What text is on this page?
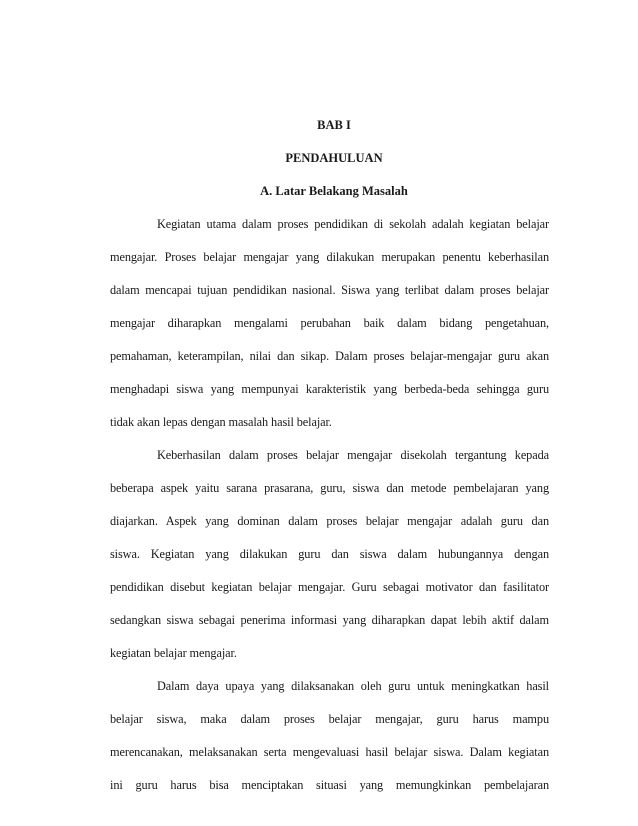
BAB I
PENDAHULUAN
A. Latar Belakang Masalah
Kegiatan utama dalam proses pendidikan di sekolah adalah kegiatan belajar
mengajar. Proses belajar mengajar yang dilakukan merupakan penentu keberhasilan
dalam mencapai tujuan pendidikan nasional. Siswa yang terlibat dalam proses belajar
mengajar diharapkan mengalami perubahan baik dalam bidang pengetahuan,
pemahaman, keterampilan, nilai dan sikap. Dalam proses belajar-mengajar guru akan
menghadapi siswa yang mempunyai karakteristik yang berbeda-beda sehingga guru
tidak akan lepas dengan masalah hasil belajar.
Keberhasilan dalam proses belajar mengajar disekolah tergantung kepada
beberapa aspek yaitu sarana prasarana, guru, siswa dan metode pembelajaran yang
diajarkan. Aspek yang dominan dalam proses belajar mengajar adalah guru dan
siswa. Kegiatan yang dilakukan guru dan siswa dalam hubungannya dengan
pendidikan disebut kegiatan belajar mengajar. Guru sebagai motivator dan fasilitator
sedangkan siswa sebagai penerima informasi yang diharapkan dapat lebih aktif dalam
kegiatan belajar mengajar.
Dalam daya upaya yang dilaksanakan oleh guru untuk meningkatkan hasil
belajar siswa, maka dalam proses belajar mengajar, guru harus mampu
merencanakan, melaksanakan serta mengevaluasi hasil belajar siswa. Dalam kegiatan
ini guru harus bisa menciptakan situasi yang memungkinkan pembelajaran
